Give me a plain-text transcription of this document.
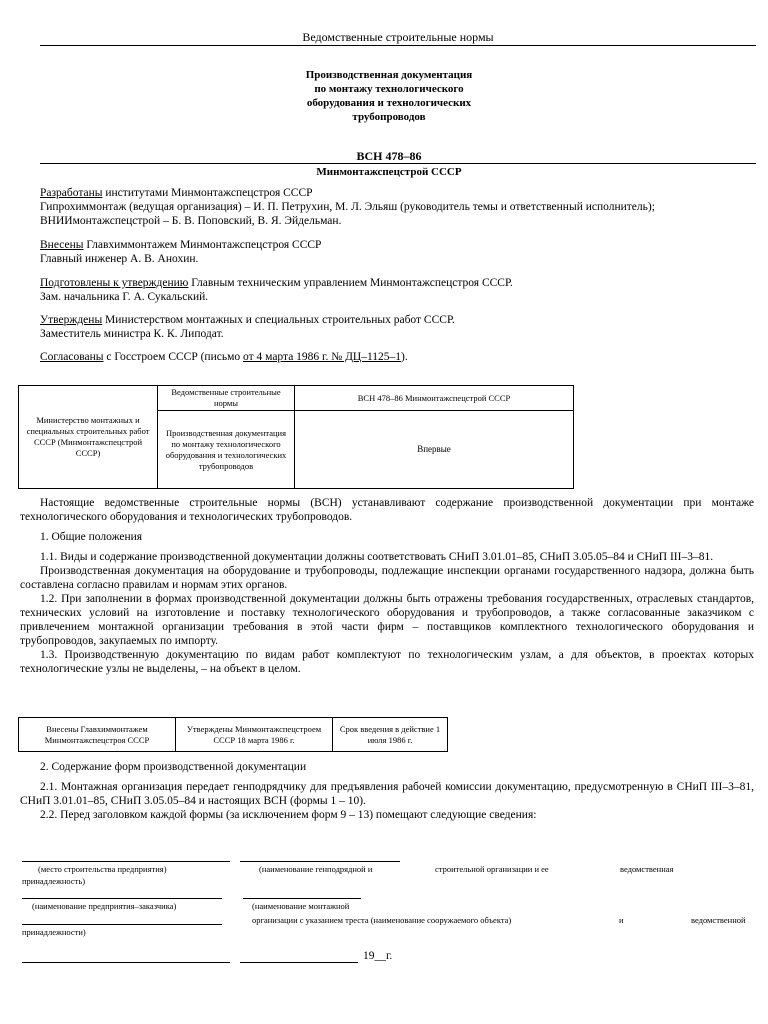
Ведомственные строительные нормы
Производственная документация
по монтажу технологического
оборудования и технологических
трубопроводов
ВСН 478–86
Минмонтажспецстрой СССР
Разработаны институтами Минмонтажспецстроя СССР
Гипрохиммонтаж (ведущая организация) – И. П. Петрухин, М. Л. Эльяш (руководитель темы и ответственный исполнитель);
ВНИИмонтажспецстрой – Б. В. Поповский, В. Я. Эйдельман.
Внесены Главхиммонтажем Минмонтажспецстроя СССР
Главный инженер А. В. Анохин.
Подготовлены к утверждению Главным техническим управлением Минмонтажспецстроя СССР.
Зам. начальника Г. А. Сукальский.
Утверждены Министерством монтажных и специальных строительных работ СССР.
Заместитель министра К. К. Липодат.
Согласованы с Госстроем СССР (письмо от 4 марта 1986 г. № ДЦ–1125–1).
Министерство монтажных и специальных строительных работ СССР (Минмонтажспецстрой СССР)	Ведомственные строительные нормы	ВСН 478–86 Минмонтажспецстрой СССР
	Производственная документация по монтажу технологического оборудования и технологических трубопроводов	Впервые

Настоящие ведомственные строительные нормы (ВСН) устанавливают содержание производственной документации при монтаже технологического оборудования и технологических трубопроводов.

1. Общие положения

1.1. Виды и содержание производственной документации должны соответствовать СНиП 3.01.01–85, СНиП 3.05.05–84 и СНиП III–3–81.

Производственная документация на оборудование и трубопроводы, подлежащие инспекции органами государственного надзора, должна быть составлена согласно правилам и нормам этих органов.

1.2. При заполнении в формах производственной документации должны быть отражены требования государственных, отраслевых стандартов, технических условий на изготовление и поставку технологического оборудования и трубопроводов, а также согласованные заказчиком с привлечением монтажной организации требования в этой части фирм – поставщиков комплектного технологического оборудования и трубопроводов, закупаемых по импорту.

1.3. Производственную документацию по видам работ комплектуют по технологическим узлам, а для объектов, в проектах которых технологические узлы не выделены, – на объект в целом.

Внесены Главхиммонтажем Минмонтажспецстроя СССР	Утверждены Минмонтажспецстроем СССР 18 марта 1986 г.	Срок введения в действие 1 июля 1986 г.

2. Содержание форм производственной документации

2.1. Монтажная организация передает генподрядчику для предъявления рабочей комиссии документацию, предусмотренную в СНиП III–3–81, СНиП 3.01.01–85, СНиП 3.05.05–84 и настоящих ВСН (формы 1 – 10).

2.2. Перед заголовком каждой формы (за исключением форм 9 – 13) помещают следующие сведения:

(место строительства предприятия)	(наименование генподрядной и	строительной организации и ее	ведомственная
принадлежность)
(наименование предприятия–заказчика)	(наименование монтажной
организации с указанием треста (наименование сооружаемого объекта)	и	ведомственной
принадлежности)
19__г.
